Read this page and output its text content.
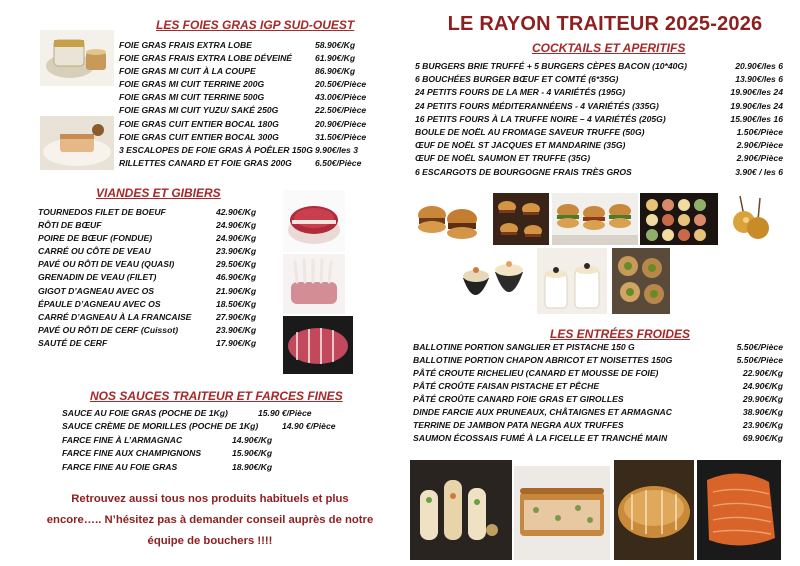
LES FOIES GRAS IGP SUD-OUEST
FOIE GRAS FRAIS EXTRA LOBE	58.90€/Kg
FOIE GRAS FRAIS EXTRA LOBE DÉVEINÉ	61.90€/Kg
FOIE GRAS MI CUIT À LA COUPE	86.90€/Kg
FOIE GRAS MI CUIT TERRINE 200G	20.50€/Pièce
FOIE GRAS MI CUIT TERRINE 500G	43.00€/Pièce
FOIE GRAS MI CUIT YUZU/ SAKÉ 250G	22.50€/Pièce
FOIE GRAS CUIT ENTIER BOCAL 180G	20.90€/Pièce
FOIE GRAS CUIT ENTIER BOCAL 300G	31.50€/Pièce
3 ESCALOPES DE FOIE GRAS À POÊLER 150G 9.90€/les 3
RILLETTES CANARD ET FOIE GRAS 200G	6.50€/Pièce
VIANDES ET GIBIERS
TOURNEDOS FILET DE BOEUF	42.90€/Kg
RÔTI DE BŒUF	24.90€/Kg
POIRE DE BŒUF (FONDUE)	24.90€/Kg
CARRÉ OU CÔTE DE VEAU	23.90€/Kg
PAVÉ OU RÔTI DE VEAU (QUASI)	29.50€/Kg
GRENADIN DE VEAU (FILET)	46.90€/Kg
GIGOT D’AGNEAU AVEC OS	21.90€/Kg
ÉPAULE D’AGNEAU AVEC OS	18.50€/Kg
CARRÉ D’AGNEAU À LA FRANCAISE	27.90€/Kg
PAVÉ OU RÔTI DE CERF (Cuissot)	23.90€/Kg
SAUTÉ DE CERF	17.90€/Kg
NOS SAUCES TRAITEUR ET FARCES FINES
SAUCE AU FOIE GRAS (POCHE DE 1Kg)	15.90 €/Pièce
SAUCE CRÈME DE MORILLES (POCHE DE 1Kg)	14.90 €/Pièce
FARCE FINE À L’ARMAGNAC	14.90€/Kg
FARCE FINE AUX CHAMPIGNONS	15.90€/Kg
FARCE FINE AU FOIE GRAS	18.90€/Kg
Retrouvez aussi tous nos produits habituels et plus
encore….. N’hésitez pas à demander conseil auprès de notre
équipe de bouchers !!!!
LE RAYON TRAITEUR 2025-2026
COCKTAILS ET APERITIFS
5 BURGERS BRIE TRUFFÉ + 5 BURGERS CÈPES BACON (10*40G)	20.90€/les 6
6 BOUCHÉES BURGER BŒUF ET COMTÉ (6*35G)	13.90€/les 6
24 PETITS FOURS DE LA MER - 4 VARIÉTÉS (195G)	19.90€/les 24
24 PETITS FOURS MÉDITERANNÉENS - 4 VARIÉTÉS (335G)	19.90€/les 24
16 PETITS FOURS À LA TRUFFE NOIRE – 4 VARIÉTÉS (205G)	15.90€/les 16
BOULE DE NOËL AU FROMAGE SAVEUR TRUFFE (50G)	1.50€/Pièce
ŒUF DE NOËL ST JACQUES ET MANDARINE (35G)	2.90€/Pièce
ŒUF DE NOËL SAUMON ET TRUFFE (35G)	2.90€/Pièce
6 ESCARGOTS DE BOURGOGNE FRAIS TRÈS GROS	3.90€ / les 6
LES ENTRÉES FROIDES
BALLOTINE PORTION SANGLIER ET PISTACHE 150 G	5.50€/Pièce
BALLOTINE PORTION CHAPON ABRICOT ET NOISETTES 150G	5.50€/Pièce
PÂTÉ CROUTE RICHELIEU (CANARD ET MOUSSE DE FOIE)	22.90€/Kg
PÂTÉ CROÛTE FAISAN PISTACHE ET PÊCHE	24.90€/Kg
PÂTÉ CROÛTE CANARD FOIE GRAS ET GIROLLES	29.90€/Kg
DINDE FARCIE AUX PRUNEAUX, CHÂTAIGNES ET ARMAGNAC	38.90€/Kg
TERRINE DE JAMBON PATA NEGRA AUX TRUFFES	23.90€/Kg
SAUMON ÉCOSSAIS FUMÉ À LA FICELLE ET TRANCHÉ MAIN	69.90€/Kg
